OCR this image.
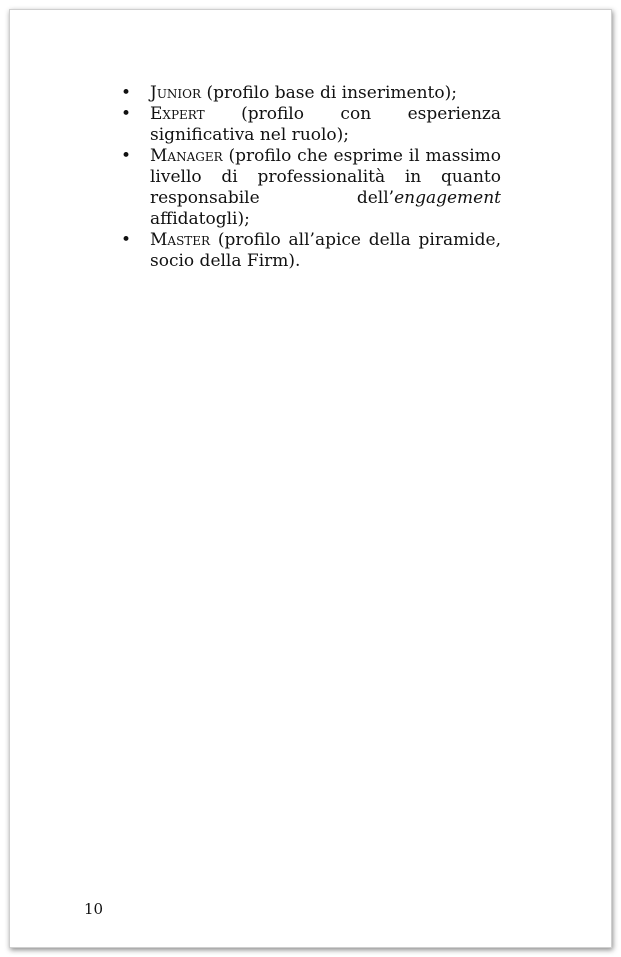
• Junior (profilo base di inserimento);
• Expert (profilo con esperienza significativa nel ruolo);
• Manager (profilo che esprime il massimo livello di professionalità in quanto responsabile dell’engagement affidatogli);
• Master (profilo all’apice della piramide, socio della Firm).
10
